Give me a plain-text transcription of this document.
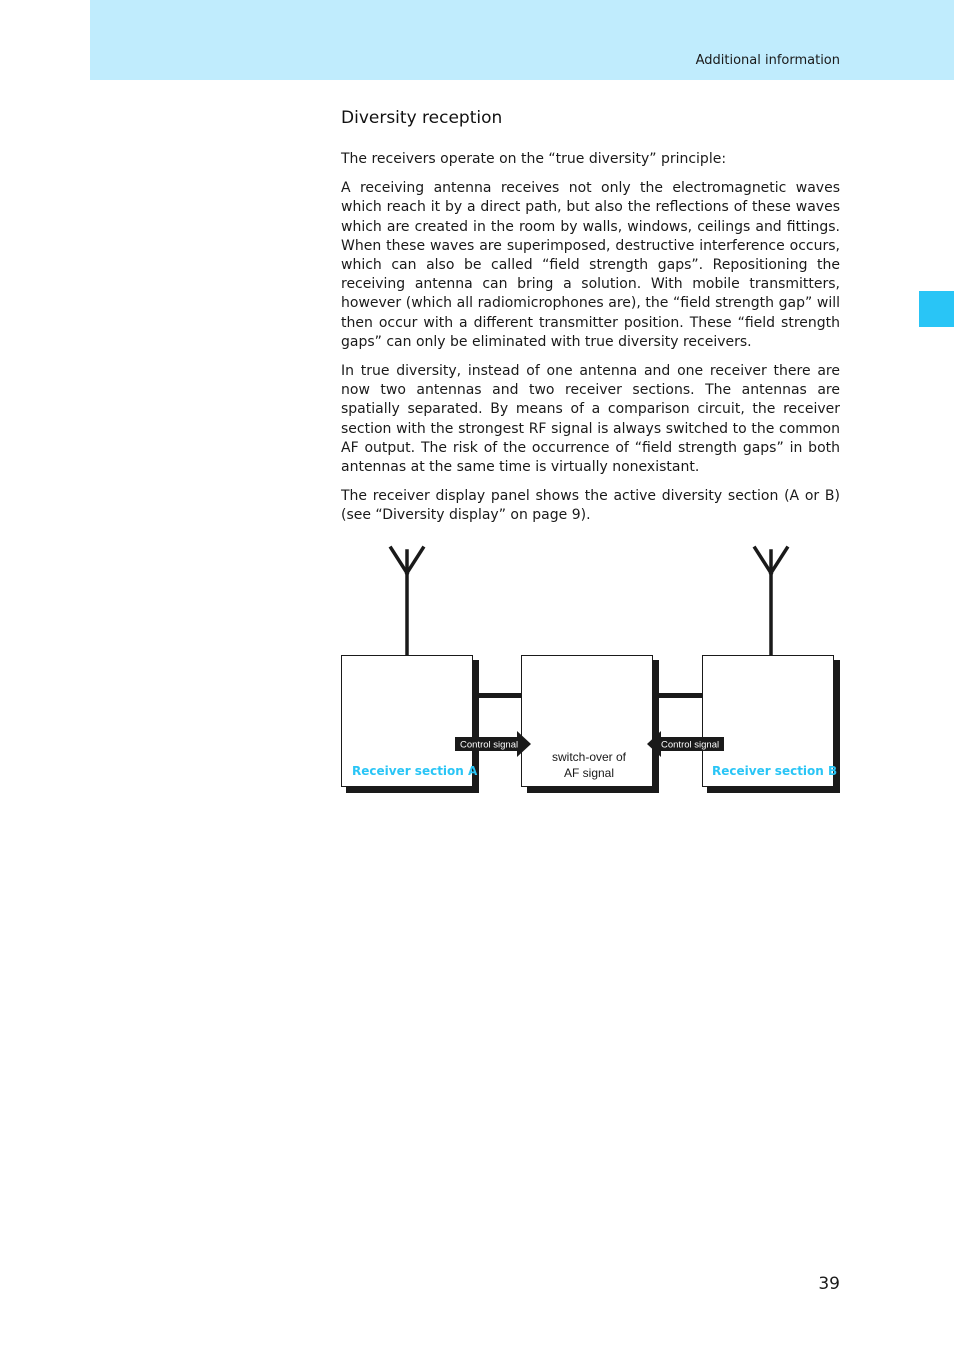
Additional information
Diversity reception

The receivers operate on the “true diversity” principle:

A receiving antenna receives not only the electromagnetic waves which reach it by a direct path, but also the reflections of these waves which are created in the room by walls, windows, ceilings and fittings. When these waves are superimposed, destructive interference occurs, which can also be called “field strength gaps”. Repositioning the receiving antenna can bring a solution. With mobile transmitters, however (which all radiomicrophones are), the “field strength gap” will then occur with a different transmitter position. These “field strength gaps” can only be eliminated with true diversity receivers.

In true diversity, instead of one antenna and one receiver there are now two antennas and two receiver sections. The antennas are spatially separated. By means of a comparison circuit, the receiver section with the strongest RF signal is always switched to the common AF output. The risk of the occurrence of “field strength gaps” in both antennas at the same time is virtually nonexistant.

The receiver display panel shows the active diversity section (A or B) (see “Diversity display” on page 9).

Control signal	Control signal
Receiver section A	Receiver section B
switch-over of
AF signal
39
